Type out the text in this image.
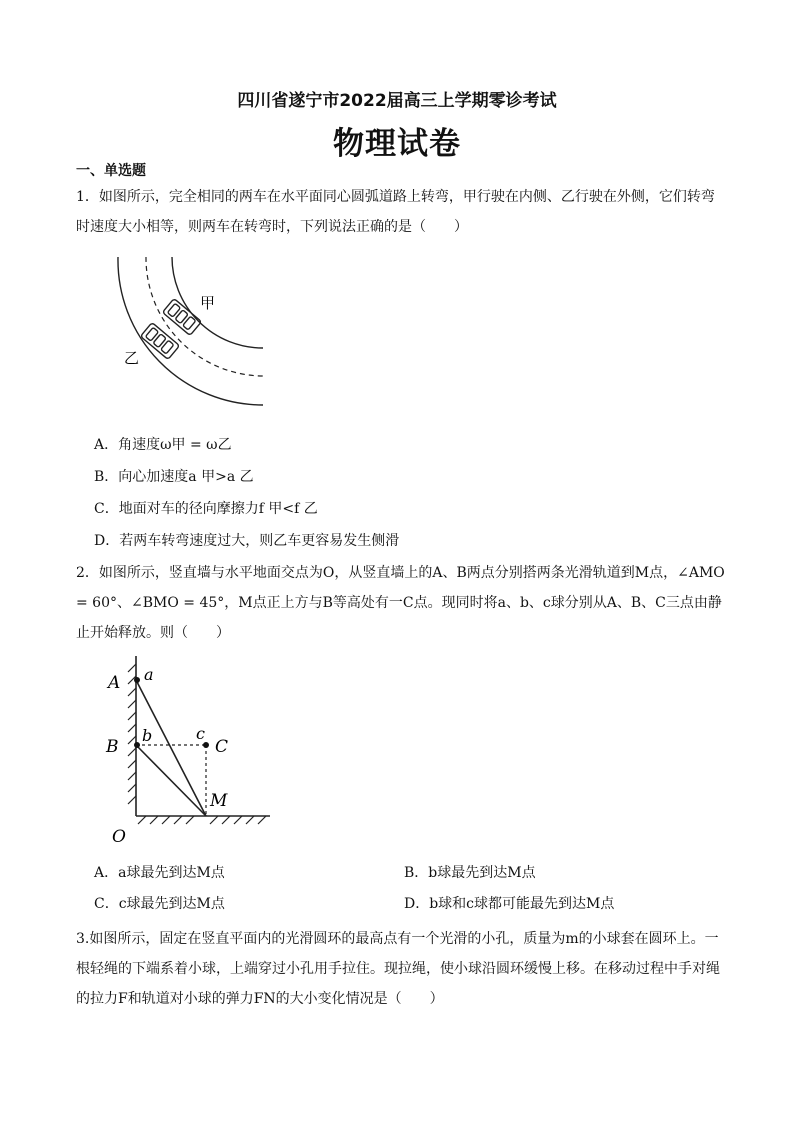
四川省遂宁市2022届高三上学期零诊考试
物理试卷
一、单选题
1．如图所示，完全相同的两车在水平面同心圆弧道路上转弯，甲行驶在内侧、乙行驶在外侧，它们转弯时速度大小相等，则两车在转弯时，下列说法正确的是（　　）
甲
乙
A．角速度ω甲 = ω乙
B．向心加速度a 甲>a 乙
C．地面对车的径向摩擦力f 甲<f 乙
D．若两车转弯速度过大，则乙车更容易发生侧滑
2．如图所示，竖直墙与水平地面交点为O，从竖直墙上的A、B两点分别搭两条光滑轨道到M点，∠AMO = 60°、∠BMO = 45°，M点正上方与B等高处有一C点。现同时将a、b、c球分别从A、B、C三点由静止开始释放。则（　　）
A a
B
b	c
C
M
O
A．a球最先到达M点	B．b球最先到达M点
C．c球最先到达M点	D．b球和c球都可能最先到达M点
3.如图所示，固定在竖直平面内的光滑圆环的最高点有一个光滑的小孔，质量为m的小球套在圆环上。一根轻绳的下端系着小球，上端穿过小孔用手拉住。现拉绳，使小球沿圆环缓慢上移。在移动过程中手对绳的拉力F和轨道对小球的弹力FN的大小变化情况是（　　）
